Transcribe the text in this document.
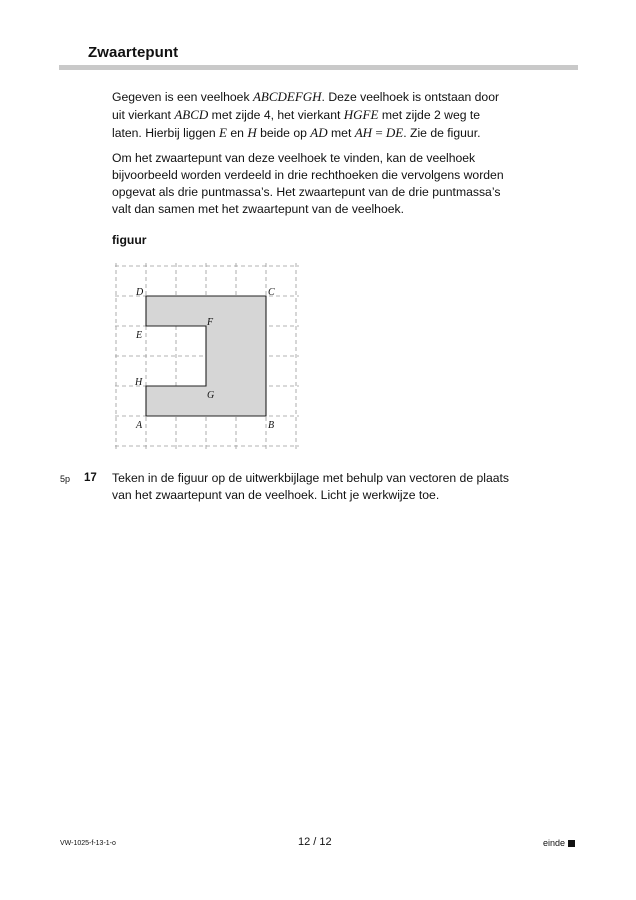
Zwaartepunt
Gegeven is een veelhoek ABCDEFGH. Deze veelhoek is ontstaan door
uit vierkant ABCD met zijde 4, het vierkant HGFE met zijde 2 weg te
laten. Hierbij liggen E en H beide op AD met AH = DE. Zie de figuur.
Om het zwaartepunt van deze veelhoek te vinden, kan de veelhoek
bijvoorbeeld worden verdeeld in drie rechthoeken die vervolgens worden
opgevat als drie puntmassa’s. Het zwaartepunt van de drie puntmassa’s
valt dan samen met het zwaartepunt van de veelhoek.
figuur
D	C
E
F
H
G
A	B
5p 17 Teken in de figuur op de uitwerkbijlage met behulp van vectoren de plaats
van het zwaartepunt van de veelhoek. Licht je werkwijze toe.
VW-1025-f-13-1-o	12 / 12	einde
